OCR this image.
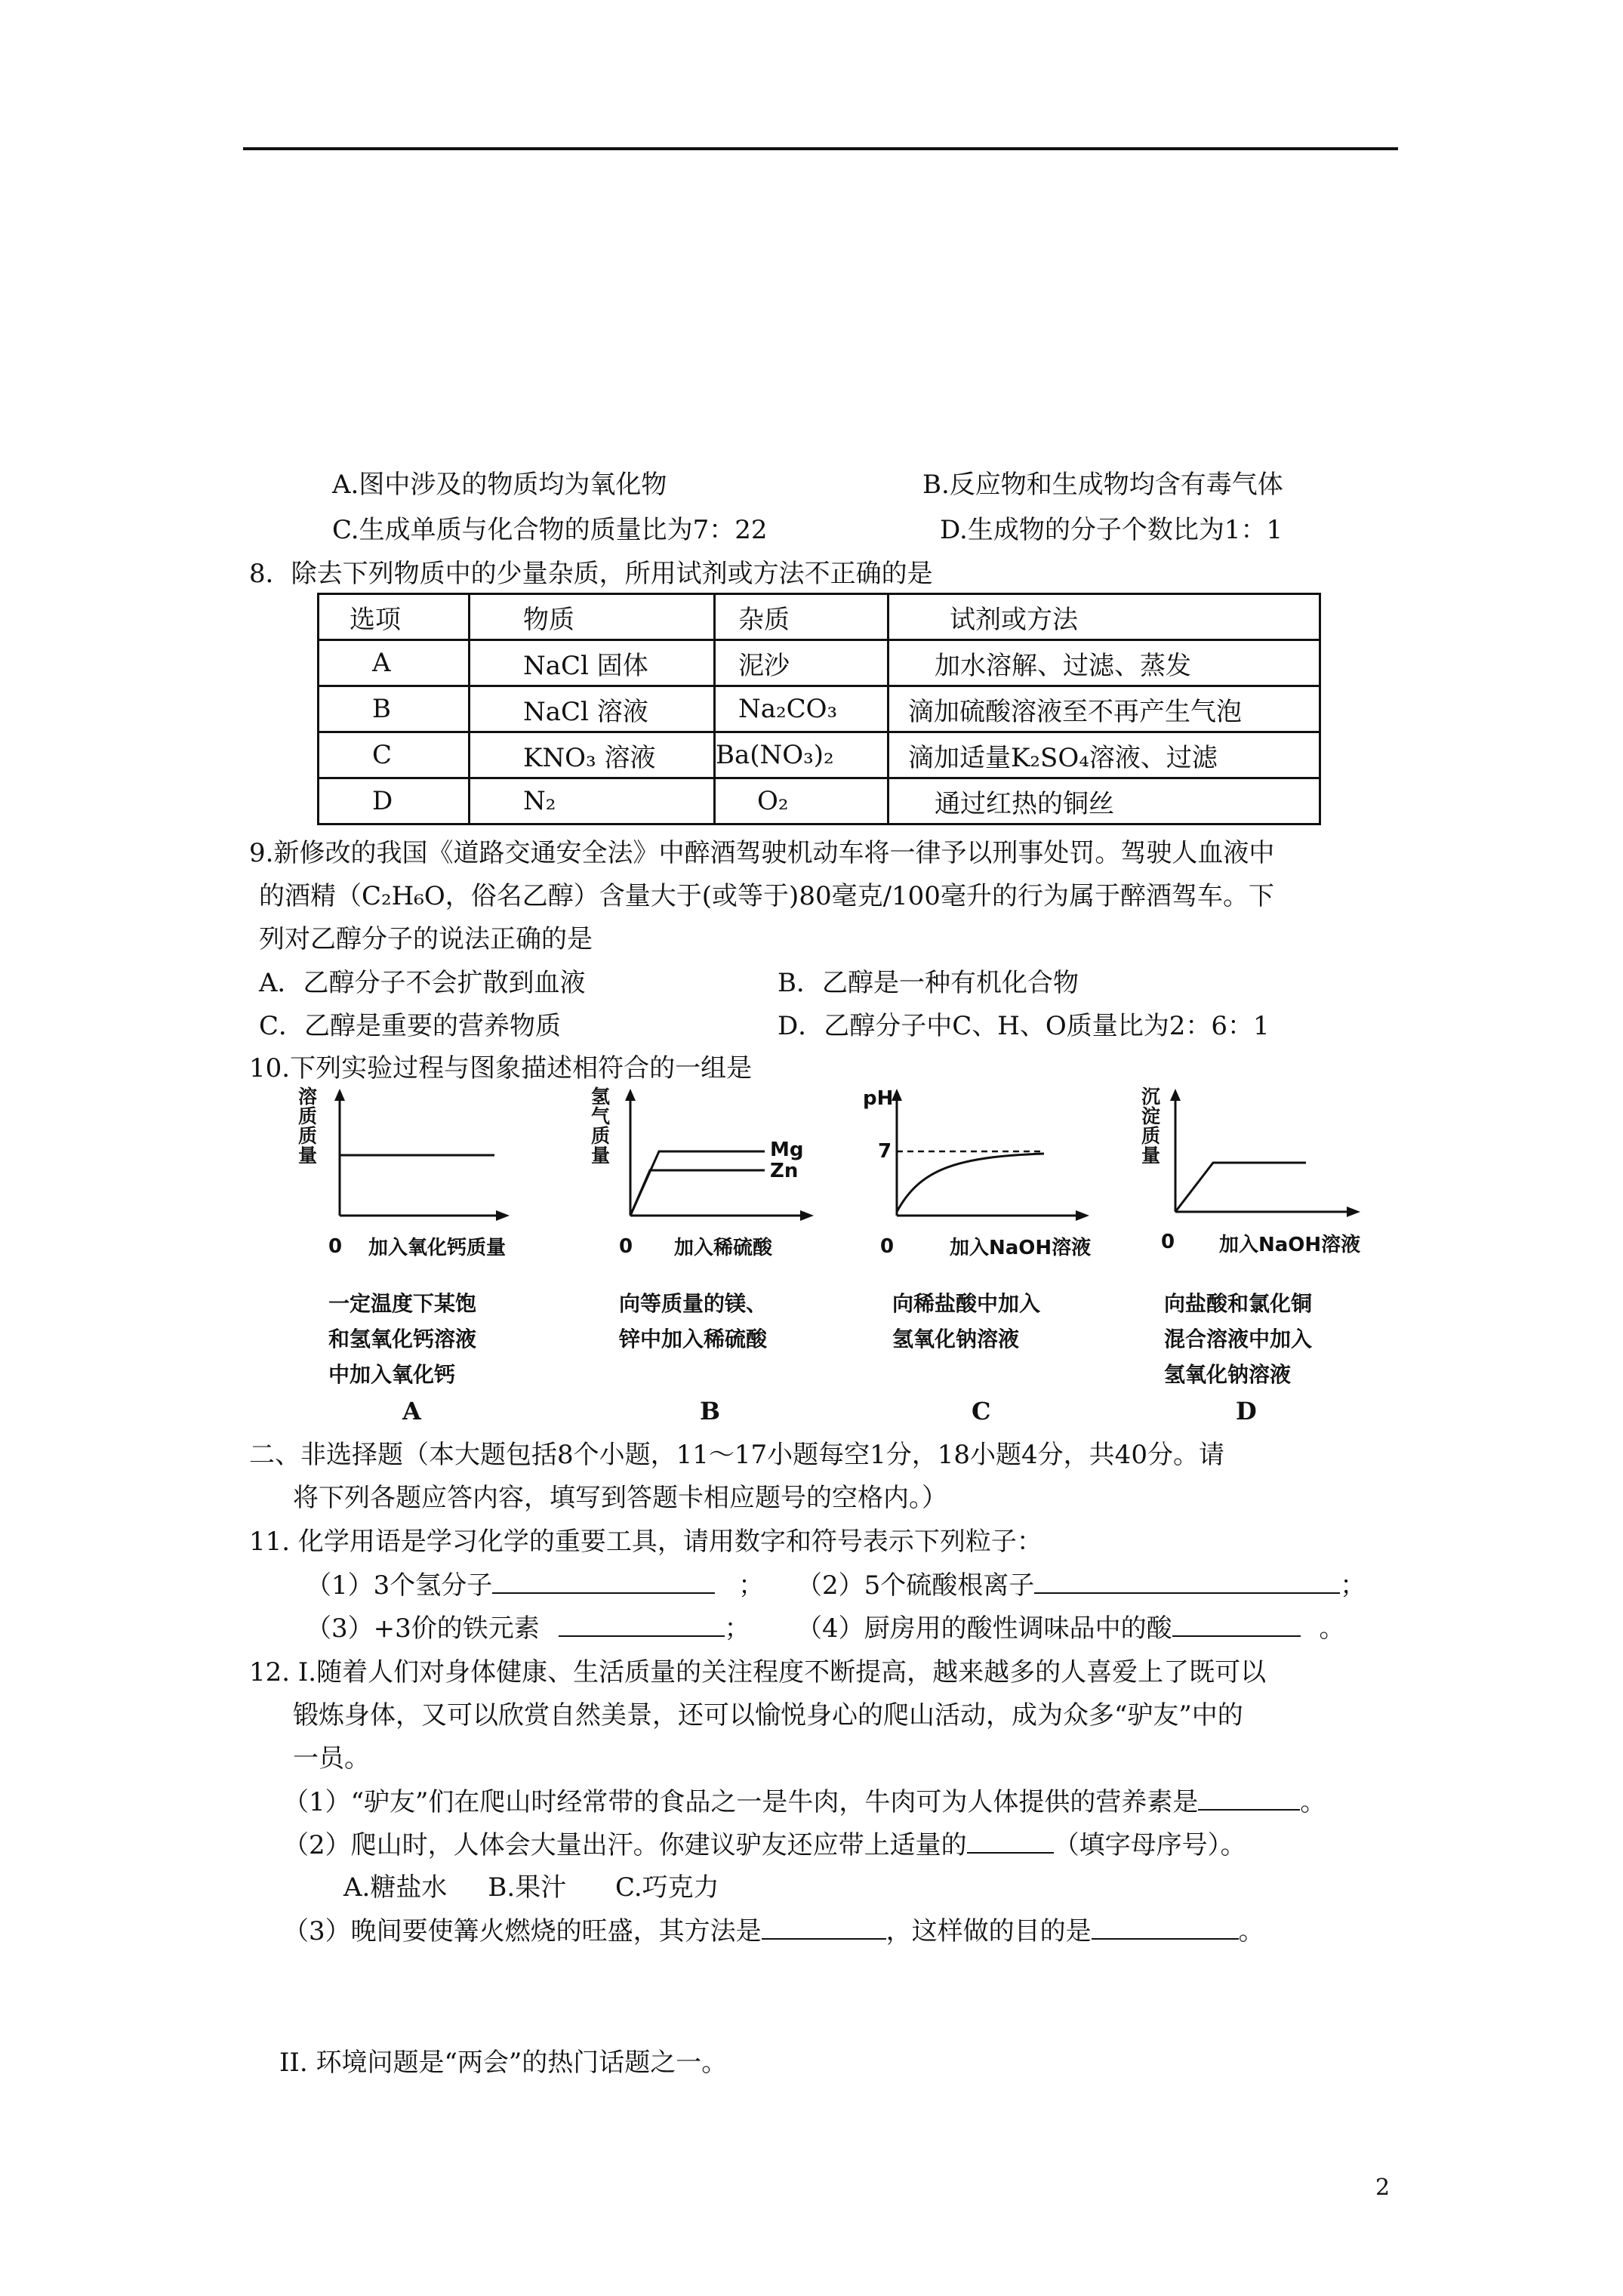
A.图中涉及的物质均为氧化物	B.反应物和生成物均含有毒气体
C.生成单质与化合物的质量比为7：22	D.生成物的分子个数比为1：1
8．除去下列物质中的少量杂质，所用试剂或方法不正确的是
选项	物质	杂质	试剂或方法
A	NaCl 固体	泥沙	加水溶解、过滤、蒸发
B	NaCl 溶液	Na₂CO₃	滴加硫酸溶液至不再产生气泡
C	KNO₃ 溶液	Ba(NO₃)₂	滴加适量K₂SO₄溶液、过滤
D	N₂	O₂	通过红热的铜丝
9.新修改的我国《道路交通安全法》中醉酒驾驶机动车将一律予以刑事处罚。驾驶人血液中
的酒精（C₂H₆O，俗名乙醇）含量大于(或等于)80毫克/100毫升的行为属于醉酒驾车。下
列对乙醇分子的说法正确的是
A．乙醇分子不会扩散到血液	B．乙醇是一种有机化合物
C．乙醇是重要的营养物质	D．乙醇分子中C、H、O质量比为2：6：1
10.下列实验过程与图象描述相符合的一组是
溶
质
质
量
0 加入氧化钙质量
一定温度下某饱
和氢氧化钙溶液
中加入氧化钙
A
氢
气
质
量	Mg
Zn
0 加入稀硫酸
向等质量的镁、
锌中加入稀硫酸
B
pH
7
0	加入NaOH溶液
向稀盐酸中加入
氢氧化钠溶液
C
沉
淀
质
量
0 加入NaOH溶液
向盐酸和氯化铜
混合溶液中加入
氢氧化钠溶液
D
二、非选择题（本大题包括8个小题，11～17小题每空1分，18小题4分，共40分。请
将下列各题应答内容，填写到答题卡相应题号的空格内。）
11. 化学用语是学习化学的重要工具，请用数字和符号表示下列粒子：
（1）3个氢分子	； （2）5个硫酸根离子	；
（3）+3价的铁元素	； （4）厨房用的酸性调味品中的酸	。
12. I.随着人们对身体健康、生活质量的关注程度不断提高，越来越多的人喜爱上了既可以
锻炼身体，又可以欣赏自然美景，还可以愉悦身心的爬山活动，成为众多“驴友”中的
一员。
（1）“驴友”们在爬山时经常带的食品之一是牛肉，牛肉可为人体提供的营养素是	。
（2）爬山时，人体会大量出汗。你建议驴友还应带上适量的	（填字母序号）。
A.糖盐水     B.果汁      C.巧克力
（3）晚间要使篝火燃烧的旺盛，其方法是	，这样做的目的是	。
II. 环境问题是“两会”的热门话题之一。
2
